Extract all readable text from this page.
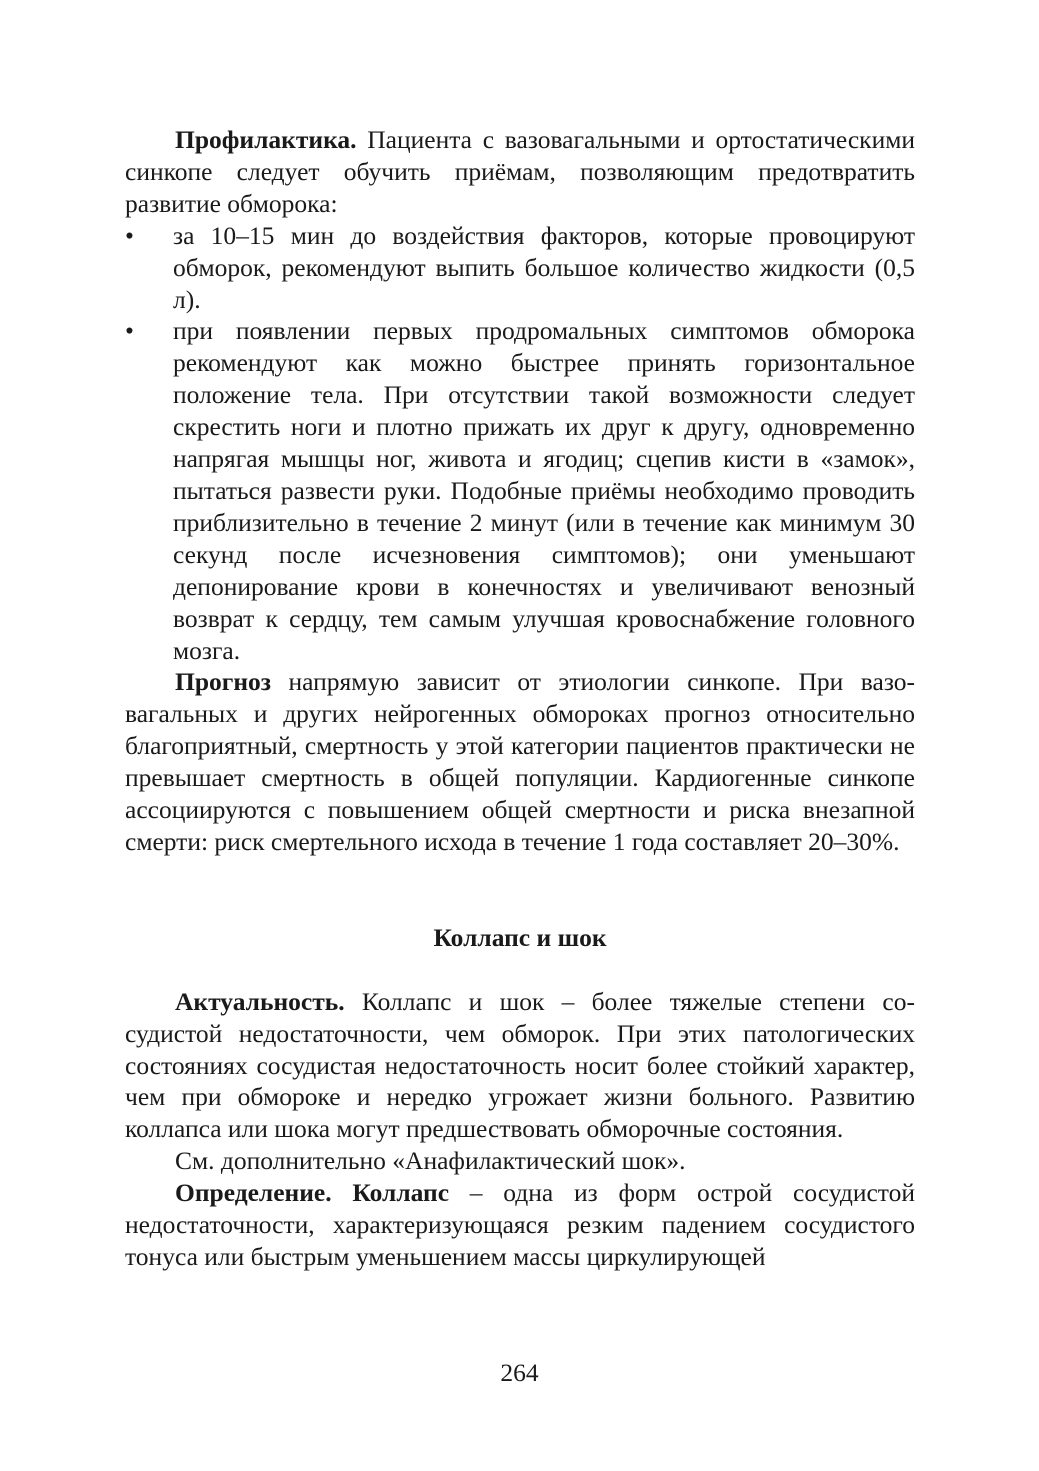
Профилактика. Пациента с вазовагальными и ортостатическими синкопе следует обучить приёмам, позволяющим предотвратить развитие обморока:

• за 10–15 мин до воздействия факторов, которые провоцируют обморок, рекомендуют выпить большое количество жидкости (0,5 л).
• при появлении первых продромальных симптомов обморока рекомендуют как можно быстрее принять горизонтальное положение тела. При отсутствии такой возможности следует скрестить ноги и плотно прижать их друг к другу, одновременно напрягая мышцы ног, живота и ягодиц; сцепив кисти в «замок», пытаться развести руки. Подобные приёмы необходимо проводить приблизительно в течение 2 минут (или в течение как минимум 30 секунд после исчезновения симптомов); они уменьшают депонирование крови в конечностях и увеличивают венозный возврат к сердцу, тем самым улучшая кровоснабжение головного мозга.

Прогноз напрямую зависит от этиологии синкопе. При вазовагальных и других нейрогенных обмороках прогноз относительно благоприятный, смертность у этой категории пациентов практически не превышает смертность в общей популяции. Кардиогенные синкопе ассоциируются с повышением общей смертности и риска внезапной смерти: риск смертельного исхода в течение 1 года составляет 20–30%.

Коллапс и шок

Актуальность. Коллапс и шок – более тяжелые степени сосудистой недостаточности, чем обморок. При этих патологических состояниях сосудистая недостаточность носит более стойкий характер, чем при обмороке и нередко угрожает жизни больного. Развитию коллапса или шока могут предшествовать обморочные состояния.

См. дополнительно «Анафилактический шок».

Определение. Коллапс – одна из форм острой сосудистой недостаточности, характеризующаяся резким падением сосудистого тонуса или быстрым уменьшением массы циркулирующей

264
